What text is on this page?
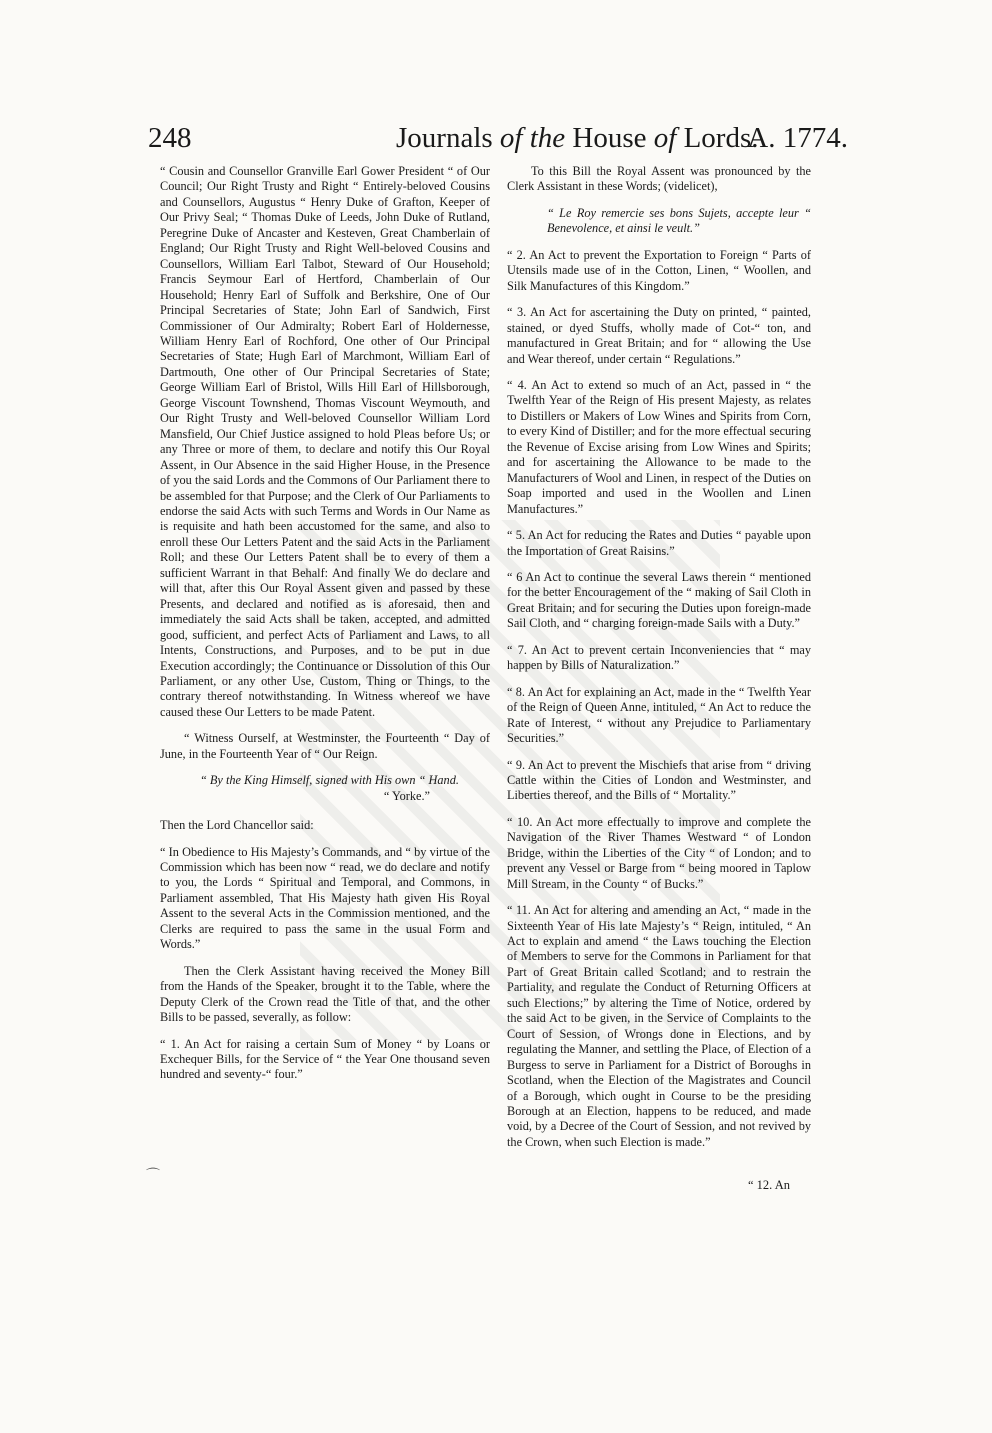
248	Journals of the House of Lords.
A. 1774.

“ Cousin and Counsellor Granville Earl Gower President “ of Our Council; Our Right Trusty and Right “ Entirely-beloved Cousins and Counsellors, Augustus “ Henry Duke of Grafton, Keeper of Our Privy Seal; “ Thomas Duke of Leeds, John Duke of Rutland, Peregrine Duke of Ancaster and Kesteven, Great Chamberlain of England; Our Right Trusty and Right Well-beloved Cousins and Counsellors, William Earl Talbot, Steward of Our Household; Francis Seymour Earl of Hertford, Chamberlain of Our Household; Henry Earl of Suffolk and Berkshire, One of Our Principal Secretaries of State; John Earl of Sandwich, First Commissioner of Our Admiralty; Robert Earl of Holdernesse, William Henry Earl of Rochford, One other of Our Principal Secretaries of State; Hugh Earl of Marchmont, William Earl of Dartmouth, One other of Our Principal Secretaries of State; George William Earl of Bristol, Wills Hill Earl of Hillsborough, George Viscount Townshend, Thomas Viscount Weymouth, and Our Right Trusty and Well-beloved Counsellor William Lord Mansfield, Our Chief Justice assigned to hold Pleas before Us; or any Three or more of them, to declare and notify this Our Royal Assent, in Our Absence in the said Higher House, in the Presence of you the said Lords and the Commons of Our Parliament there to be assembled for that Purpose; and the Clerk of Our Parliaments to endorse the said Acts with such Terms and Words in Our Name as is requisite and hath been accustomed for the same, and also to enroll these Our Letters Patent and the said Acts in the Parliament Roll; and these Our Letters Patent shall be to every of them a sufficient Warrant in that Behalf: And finally We do declare and will that, after this Our Royal Assent given and passed by these Presents, and declared and notified as is aforesaid, then and immediately the said Acts shall be taken, accepted, and admitted good, sufficient, and perfect Acts of Parliament and Laws, to all Intents, Constructions, and Purposes, and to be put in due Execution accordingly; the Continuance or Dissolution of this Our Parliament, or any other Use, Custom, Thing or Things, to the contrary thereof notwithstanding. In Witness whereof we have caused these Our Letters to be made Patent.

“ Witness Ourself, at Westminster, the Fourteenth “ Day of June, in the Fourteenth Year of “ Our Reign.

“ By the King Himself, signed with His own “ Hand.

“ Yorke.”

Then the Lord Chancellor said:

“ In Obedience to His Majesty’s Commands, and “ by virtue of the Commission which has been now “ read, we do declare and notify to you, the Lords “ Spiritual and Temporal, and Commons, in Parliament assembled, That His Majesty hath given His Royal Assent to the several Acts in the Commission mentioned, and the Clerks are required to pass the same in the usual Form and Words.”

Then the Clerk Assistant having received the Money Bill from the Hands of the Speaker, brought it to the Table, where the Deputy Clerk of the Crown read the Title of that, and the other Bills to be passed, severally, as follow:

“ 1. An Act for raising a certain Sum of Money “ by Loans or Exchequer Bills, for the Service of “ the Year One thousand seven hundred and seventy-“ four.”

To this Bill the Royal Assent was pronounced by the Clerk Assistant in these Words; (videlicet),

“ Le Roy remercie ses bons Sujets, accepte leur “ Benevolence, et ainsi le veult.”

“ 2. An Act to prevent the Exportation to Foreign “ Parts of Utensils made use of in the Cotton, Linen, “ Woollen, and Silk Manufactures of this Kingdom.”

“ 3. An Act for ascertaining the Duty on printed, “ painted, stained, or dyed Stuffs, wholly made of Cot-“ ton, and manufactured in Great Britain; and for “ allowing the Use and Wear thereof, under certain “ Regulations.”

“ 4. An Act to extend so much of an Act, passed in “ the Twelfth Year of the Reign of His present Majesty, as relates to Distillers or Makers of Low Wines and Spirits from Corn, to every Kind of Distiller; and for the more effectual securing the Revenue of Excise arising from Low Wines and Spirits; and for ascertaining the Allowance to be made to the Manufacturers of Wool and Linen, in respect of the Duties on Soap imported and used in the Woollen and Linen Manufactures.”

“ 5. An Act for reducing the Rates and Duties “ payable upon the Importation of Great Raisins.”

“ 6 An Act to continue the several Laws therein “ mentioned for the better Encouragement of the “ making of Sail Cloth in Great Britain; and for securing the Duties upon foreign-made Sail Cloth, and “ charging foreign-made Sails with a Duty.”

“ 7. An Act to prevent certain Inconveniencies that “ may happen by Bills of Naturalization.”

“ 8. An Act for explaining an Act, made in the “ Twelfth Year of the Reign of Queen Anne, intituled, “ An Act to reduce the Rate of Interest, “ without any Prejudice to Parliamentary Securities.”

“ 9. An Act to prevent the Mischiefs that arise from “ driving Cattle within the Cities of London and Westminster, and Liberties thereof, and the Bills of “ Mortality.”

“ 10. An Act more effectually to improve and complete the Navigation of the River Thames Westward “ of London Bridge, within the Liberties of the City “ of London; and to prevent any Vessel or Barge from “ being moored in Taplow Mill Stream, in the County “ of Bucks.”

“ 11. An Act for altering and amending an Act, “ made in the Sixteenth Year of His late Majesty’s “ Reign, intituled, “ An Act to explain and amend “ the Laws touching the Election of Members to serve for the Commons in Parliament for that Part of Great Britain called Scotland; and to restrain the Partiality, and regulate the Conduct of Returning Officers at such Elections;” by altering the Time of Notice, ordered by the said Act to be given, in the Service of Complaints to the Court of Session, of Wrongs done in Elections, and by regulating the Manner, and settling the Place, of Election of a Burgess to serve in Parliament for a District of Boroughs in Scotland, when the Election of the Magistrates and Council of a Borough, which ought in Course to be the presiding Borough at an Election, happens to be reduced, and made void, by a Decree of the Court of Session, and not revived by the Crown, when such Election is made.”

“ 12. An
⌒
